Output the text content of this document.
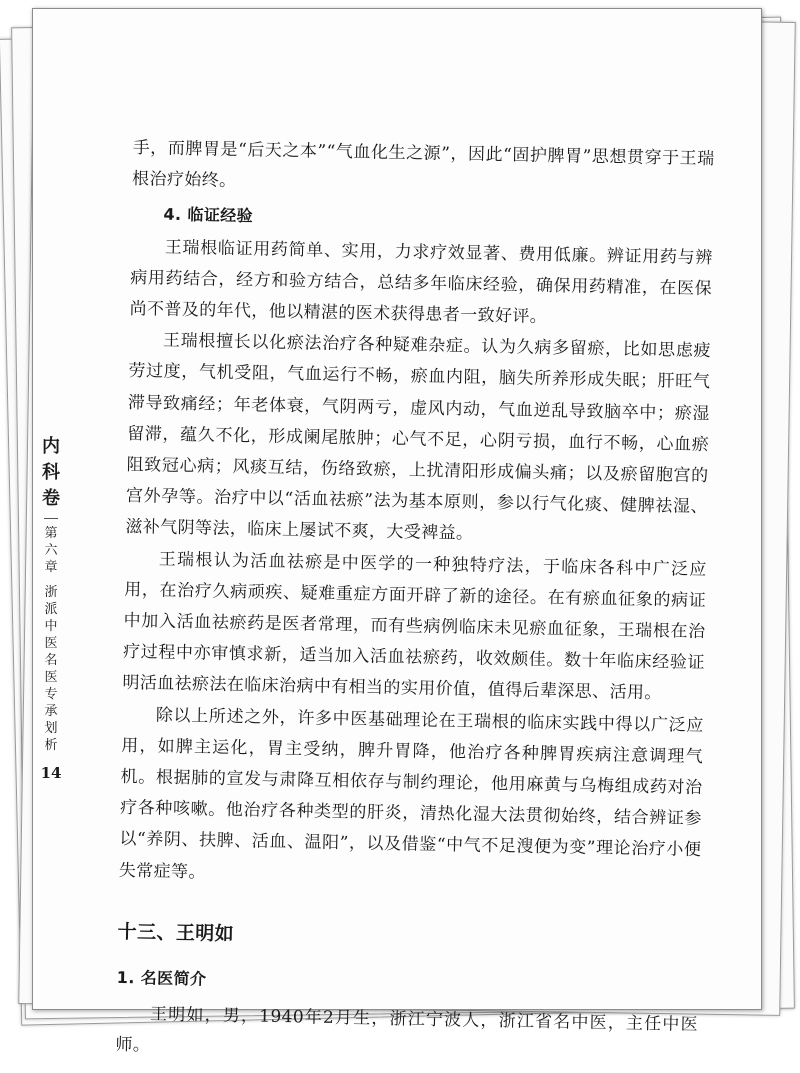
内
科
卷
第
六
章
浙
派
中
医
名
医
专
承
划
析
14

手，而脾胃是“后天之本”“气血化生之源”，因此“固护脾胃”思想贯穿于王瑞根治疗始终。

4. 临证经验

王瑞根临证用药简单、实用，力求疗效显著、费用低廉。辨证用药与辨病用药结合，经方和验方结合，总结多年临床经验，确保用药精准，在医保尚不普及的年代，他以精湛的医术获得患者一致好评。

王瑞根擅长以化瘀法治疗各种疑难杂症。认为久病多留瘀，比如思虑疲劳过度，气机受阻，气血运行不畅，瘀血内阻，脑失所养形成失眠；肝旺气滞导致痛经；年老体衰，气阴两亏，虚风内动，气血逆乱导致脑卒中；瘀湿留滞，蕴久不化，形成阑尾脓肿；心气不足，心阴亏损，血行不畅，心血瘀阻致冠心病；风痰互结，伤络致瘀，上扰清阳形成偏头痛；以及瘀留胞宫的宫外孕等。治疗中以“活血祛瘀”法为基本原则，参以行气化痰、健脾祛湿、滋补气阴等法，临床上屡试不爽，大受裨益。

王瑞根认为活血祛瘀是中医学的一种独特疗法，于临床各科中广泛应用，在治疗久病顽疾、疑难重症方面开辟了新的途径。在有瘀血征象的病证中加入活血祛瘀药是医者常理，而有些病例临床未见瘀血征象，王瑞根在治疗过程中亦审慎求新，适当加入活血祛瘀药，收效颇佳。数十年临床经验证明活血祛瘀法在临床治病中有相当的实用价值，值得后辈深思、活用。

除以上所述之外，许多中医基础理论在王瑞根的临床实践中得以广泛应用，如脾主运化，胃主受纳，脾升胃降，他治疗各种脾胃疾病注意调理气机。根据肺的宣发与肃降互相依存与制约理论，他用麻黄与乌梅组成药对治疗各种咳嗽。他治疗各种类型的肝炎，清热化湿大法贯彻始终，结合辨证参以“养阴、扶脾、活血、温阳”，以及借鉴“中气不足溲便为变”理论治疗小便失常症等。

十三、王明如

1. 名医简介

王明如，男，1940年2月生，浙江宁波人，浙江省名中医，主任中医师。
